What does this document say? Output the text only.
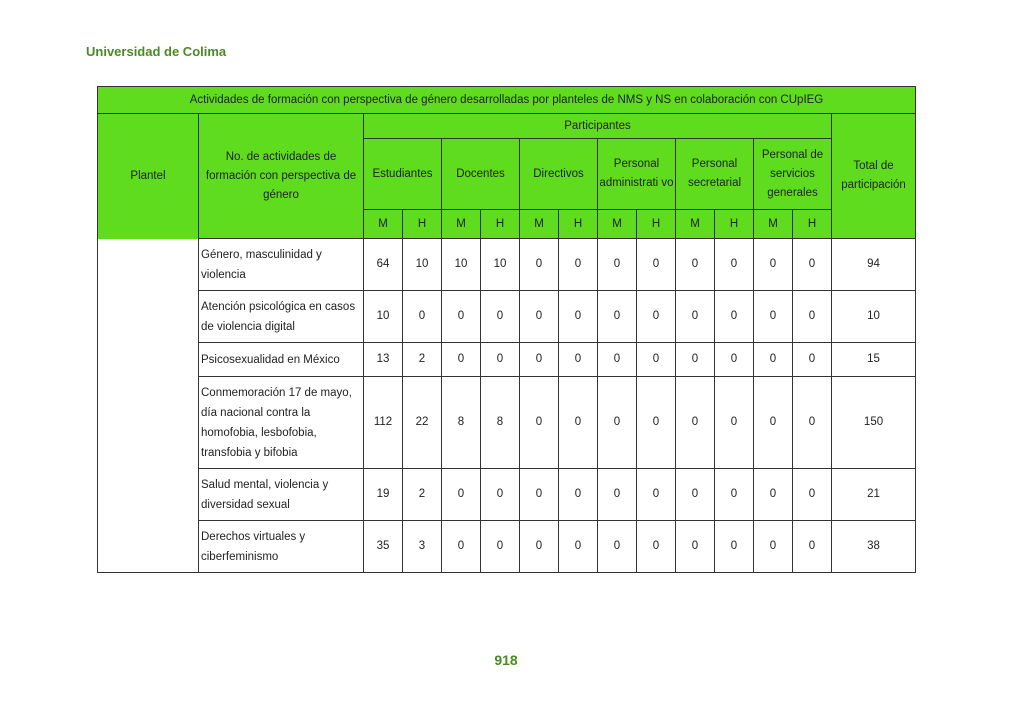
Universidad de Colima
Actividades de formación con perspectiva de género desarrolladas por planteles de NMS y NS en colaboración con CUpIEG														
Plantel	No. de actividades de formación con perspectiva de género	Participantes												Total de participación
		Estudiantes		Docentes		Directivos		Personal administrati vo		Personal secretarial		Personal de servicios generales		
		M	H	M	H	M	H	M	H	M	H	M	H	
	Género, masculinidad y violencia	64	10	10	10	0	0	0	0	0	0	0	0	94
	Atención psicológica en casos de violencia digital	10	0	0	0	0	0	0	0	0	0	0	0	10
	Psicosexualidad en México	13	2	0	0	0	0	0	0	0	0	0	0	15
	Conmemoración 17 de mayo, día nacional contra la homofobia, lesbofobia, transfobia y bifobia	112	22	8	8	0	0	0	0	0	0	0	0	150
	Salud mental, violencia y diversidad sexual	19	2	0	0	0	0	0	0	0	0	0	0	21
	Derechos virtuales y ciberfeminismo	35	3	0	0	0	0	0	0	0	0	0	0	38
918
